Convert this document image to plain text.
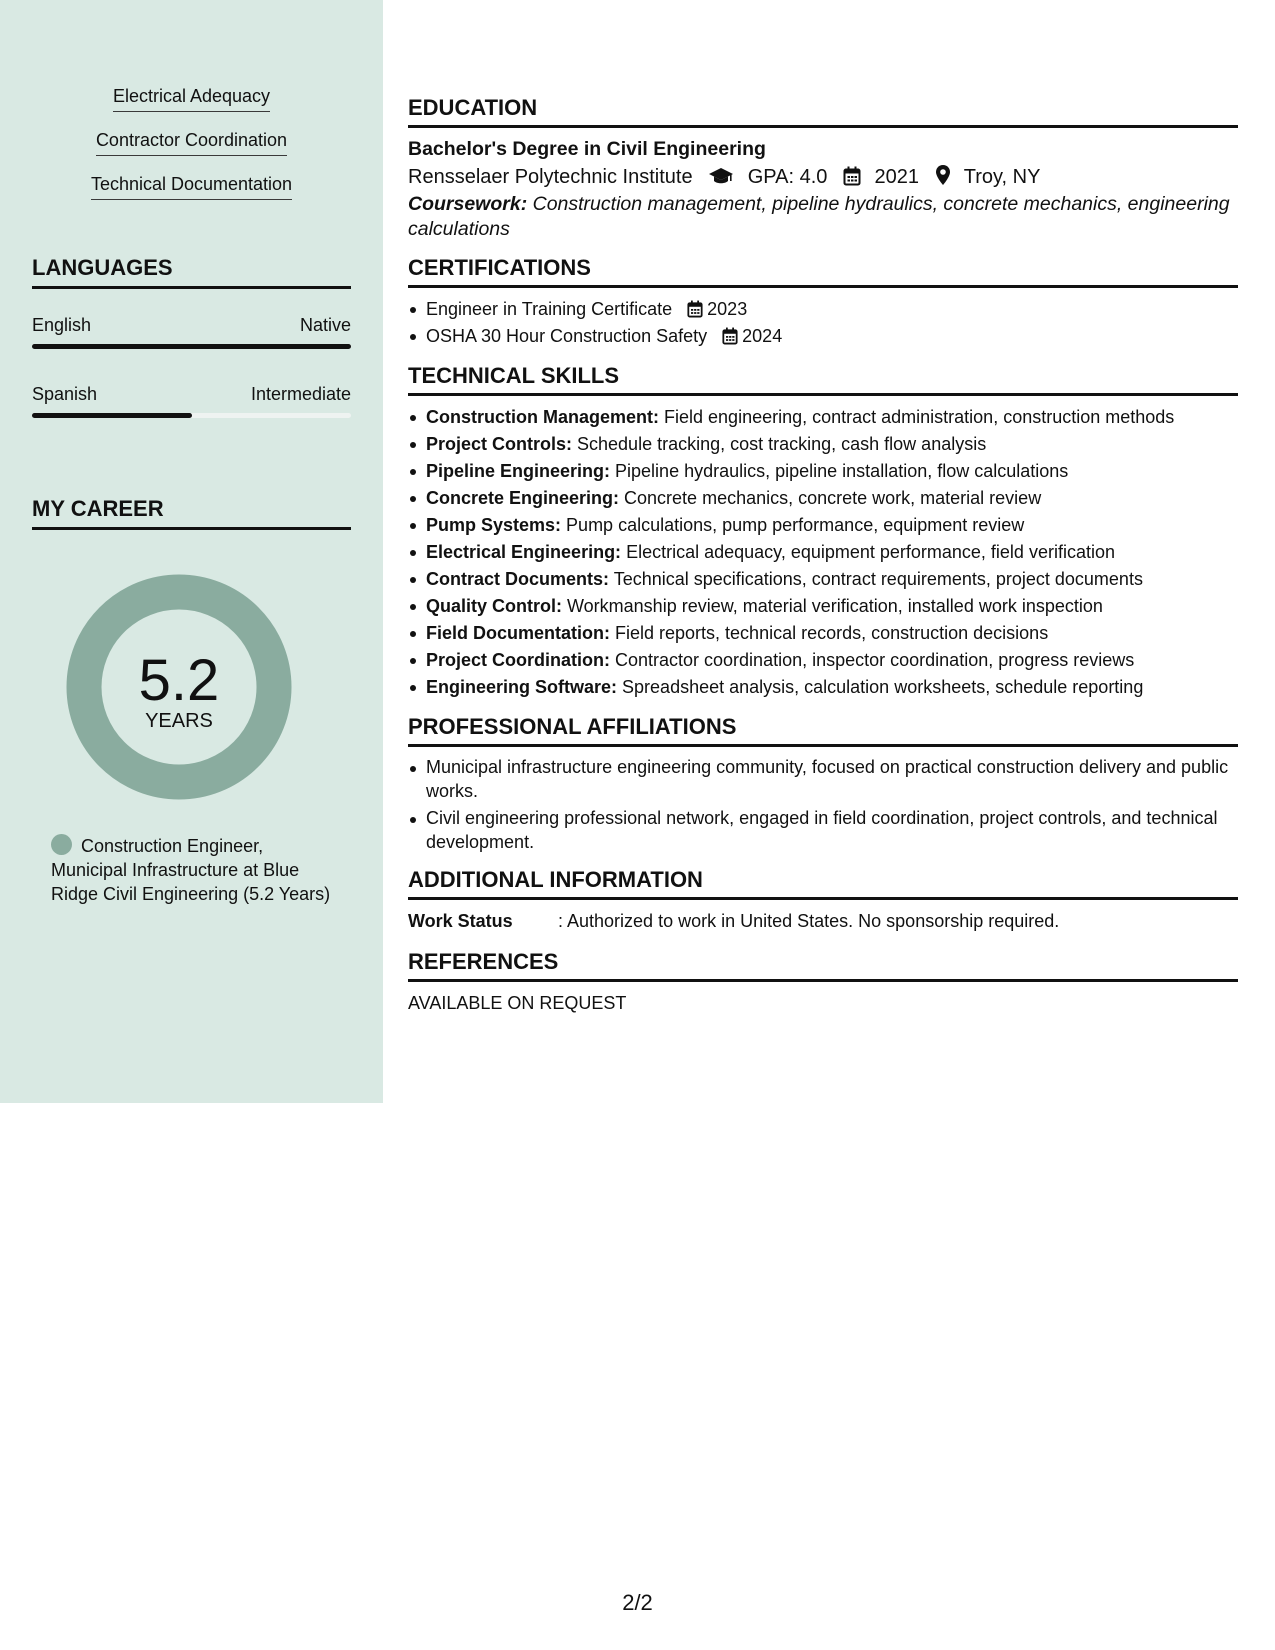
Electrical Adequacy
Contractor Coordination
Technical Documentation
LANGUAGES
English	Native
Spanish	Intermediate
MY CAREER
5.2
YEARS
Construction Engineer, Municipal Infrastructure at Blue Ridge Civil Engineering (5.2 Years)
EDUCATION
Bachelor's Degree in Civil Engineering
Rensselaer Polytechnic Institute	GPA: 4.0 2021 Troy, NY
Coursework: Construction management, pipeline hydraulics, concrete mechanics, engineering calculations
CERTIFICATIONS
Engineer in Training Certificate 2023
OSHA 30 Hour Construction Safety 2024
TECHNICAL SKILLS
Construction Management: Field engineering, contract administration, construction methods
Project Controls: Schedule tracking, cost tracking, cash flow analysis
Pipeline Engineering: Pipeline hydraulics, pipeline installation, flow calculations
Concrete Engineering: Concrete mechanics, concrete work, material review
Pump Systems: Pump calculations, pump performance, equipment review
Electrical Engineering: Electrical adequacy, equipment performance, field verification
Contract Documents: Technical specifications, contract requirements, project documents
Quality Control: Workmanship review, material verification, installed work inspection
Field Documentation: Field reports, technical records, construction decisions
Project Coordination: Contractor coordination, inspector coordination, progress reviews
Engineering Software: Spreadsheet analysis, calculation worksheets, schedule reporting
PROFESSIONAL AFFILIATIONS
Municipal infrastructure engineering community, focused on practical construction delivery and public works.
Civil engineering professional network, engaged in field coordination, project controls, and technical development.
ADDITIONAL INFORMATION
Work Status	: Authorized to work in United States. No sponsorship required.
REFERENCES
AVAILABLE ON REQUEST
2/2
